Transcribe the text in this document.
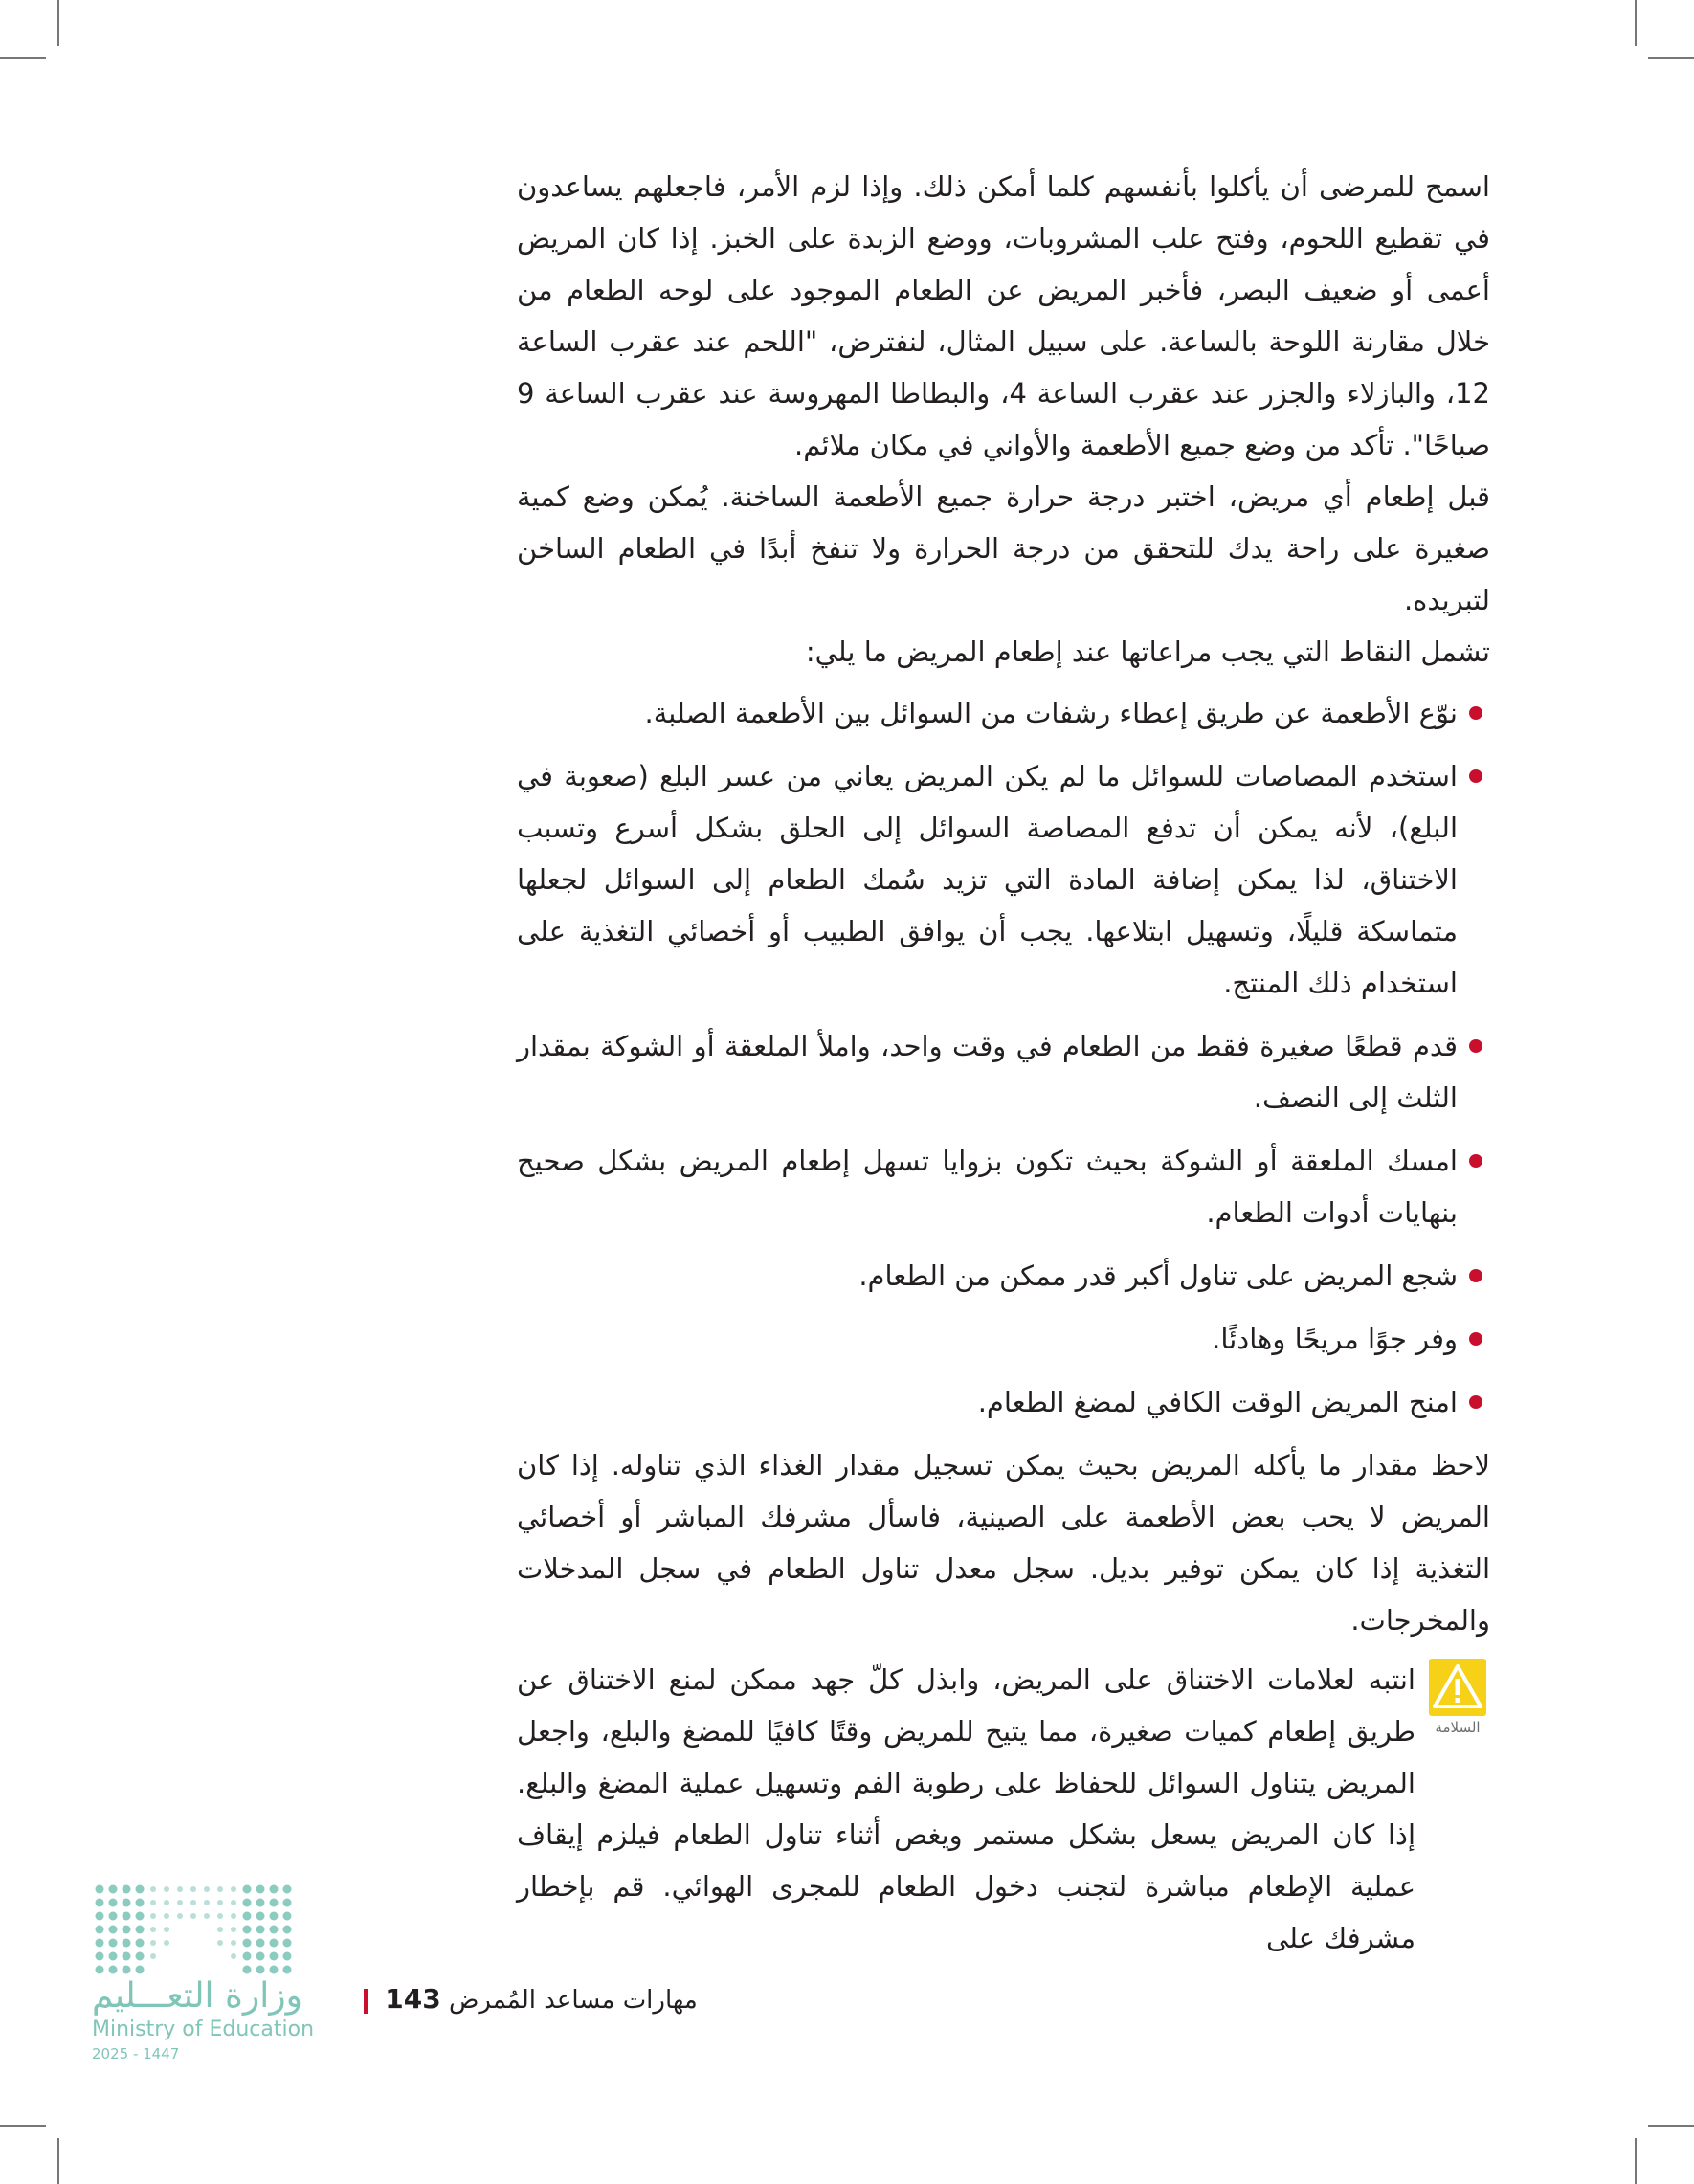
اسمح للمرضى أن يأكلوا بأنفسهم كلما أمكن ذلك. وإذا لزم الأمر، فاجعلهم يساعدون في تقطيع اللحوم، وفتح علب المشروبات، ووضع الزبدة على الخبز. إذا كان المريض أعمى أو ضعيف البصر، فأخبر المريض عن الطعام الموجود على لوحه الطعام من خلال مقارنة اللوحة بالساعة. على سبيل المثال، لنفترض، "اللحم عند عقرب الساعة 12، والبازلاء والجزر عند عقرب الساعة 4، والبطاطا المهروسة عند عقرب الساعة 9 صباحًا". تأكد من وضع جميع الأطعمة والأواني في مكان ملائم.

قبل إطعام أي مريض، اختبر درجة حرارة جميع الأطعمة الساخنة. يُمكن وضع كمية صغيرة على راحة يدك للتحقق من درجة الحرارة ولا تنفخ أبدًا في الطعام الساخن لتبريده.

تشمل النقاط التي يجب مراعاتها عند إطعام المريض ما يلي:

نوّع الأطعمة عن طريق إعطاء رشفات من السوائل بين الأطعمة الصلبة.
استخدم المصاصات للسوائل ما لم يكن المريض يعاني من عسر البلع (صعوبة في البلع)، لأنه يمكن أن تدفع المصاصة السوائل إلى الحلق بشكل أسرع وتسبب الاختناق، لذا يمكن إضافة المادة التي تزيد سُمك الطعام إلى السوائل لجعلها متماسكة قليلًا، وتسهيل ابتلاعها. يجب أن يوافق الطبيب أو أخصائي التغذية على استخدام ذلك المنتج.
قدم قطعًا صغيرة فقط من الطعام في وقت واحد، واملأ الملعقة أو الشوكة بمقدار الثلث إلى النصف.
امسك الملعقة أو الشوكة بحيث تكون بزوايا تسهل إطعام المريض بشكل صحيح بنهايات أدوات الطعام.
شجع المريض على تناول أكبر قدر ممكن من الطعام.
وفر جوًا مريحًا وهادئًا.
امنح المريض الوقت الكافي لمضغ الطعام.

لاحظ مقدار ما يأكله المريض بحيث يمكن تسجيل مقدار الغذاء الذي تناوله. إذا كان المريض لا يحب بعض الأطعمة على الصينية، فاسأل مشرفك المباشر أو أخصائي التغذية إذا كان يمكن توفير بديل. سجل معدل تناول الطعام في سجل المدخلات والمخرجات.

السلامة
انتبه لعلامات الاختناق على المريض، وابذل كلّ جهد ممكن لمنع الاختناق عن طريق إطعام كميات صغيرة، مما يتيح للمريض وقتًا كافيًا للمضغ والبلع، واجعل المريض يتناول السوائل للحفاظ على رطوبة الفم وتسهيل عملية المضغ والبلع. إذا كان المريض يسعل بشكل مستمر ويغص أثناء تناول الطعام فيلزم إيقاف عملية الإطعام مباشرة لتجنب دخول الطعام للمجرى الهوائي. قم بإخطار مشرفك على
مهارات مساعد المُمرض 143
وزارة التعـــليم
Ministry of Education
2025 - 1447
